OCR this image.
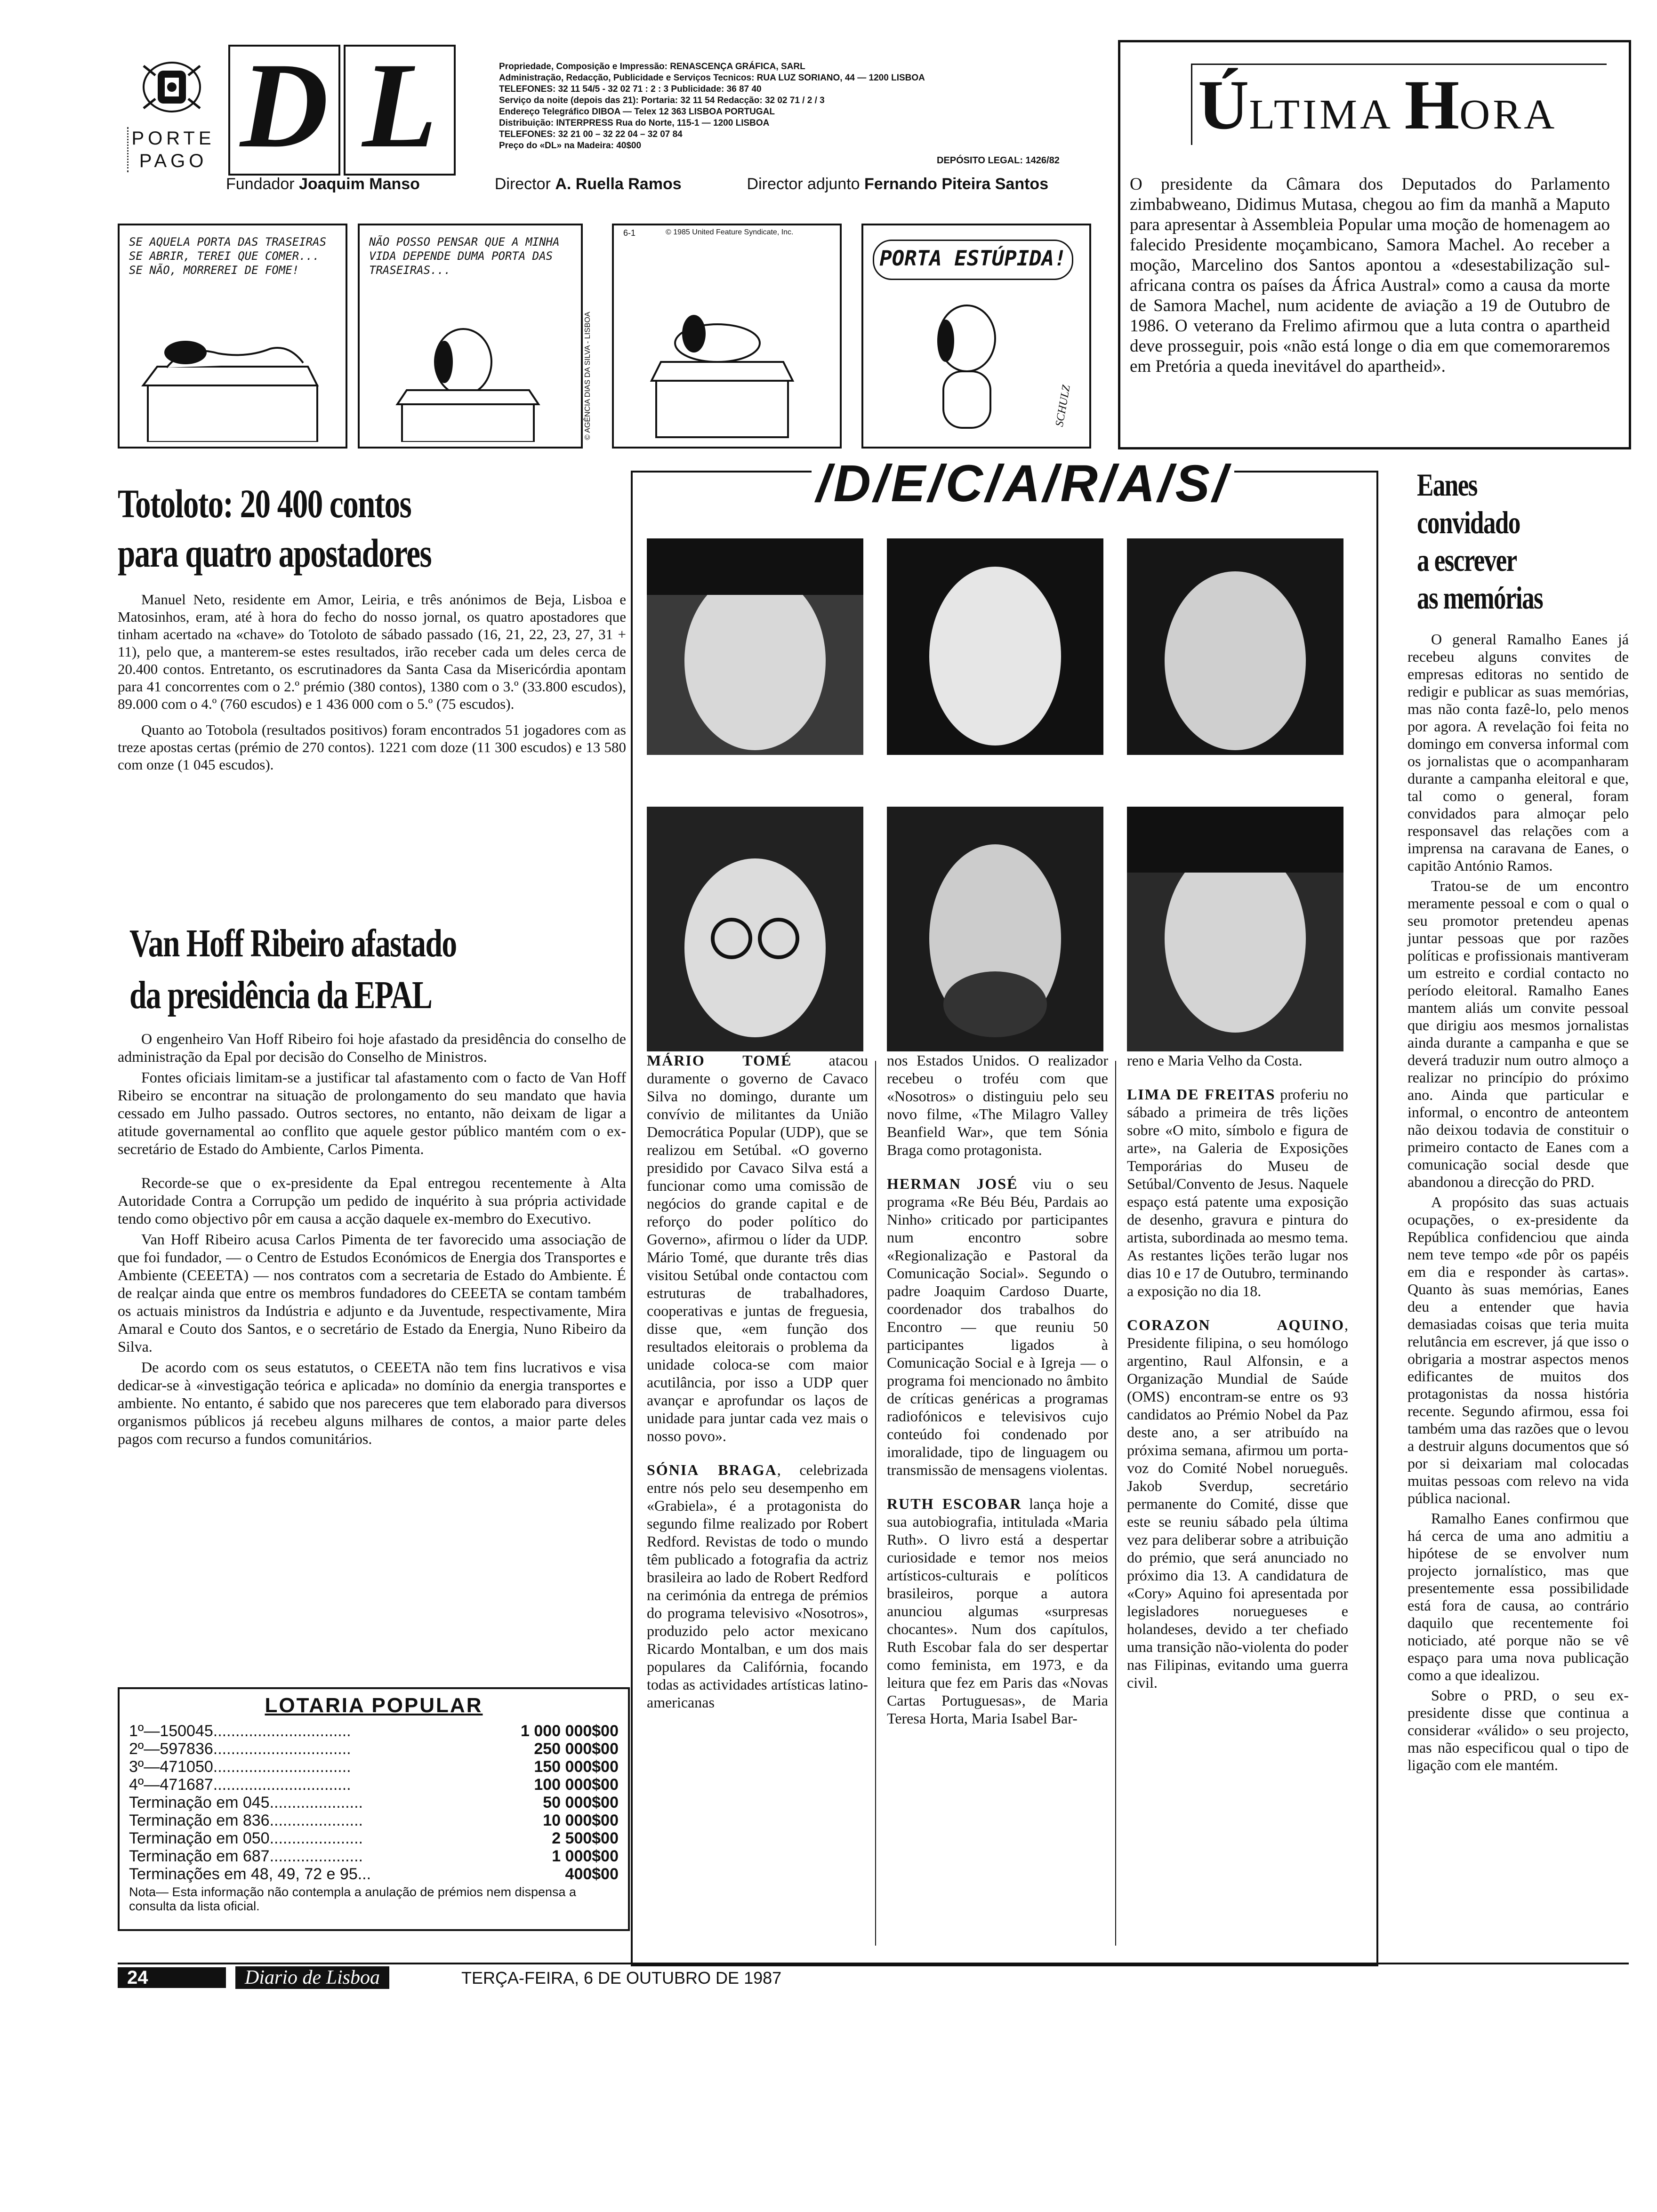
PORTE
PAGO D L	Propriedade, Composição e Impressão: RENASCENÇA GRÁFICA, SARL
Administração, Redacção, Publicidade e Serviços Tecnicos: RUA LUZ SORIANO, 44 — 1200 LISBOA
TELEFONES: 32 11 54/5 - 32 02 71 : 2 : 3 Publicidade: 36 87 40
Serviço da noite (depois das 21): Portaria: 32 11 54 Redacção: 32 02 71 / 2 / 3
Endereço Telegráfico DIBOA — Telex 12 363 LISBOA PORTUGAL
Distribuição: INTERPRESS Rua do Norte, 115-1 — 1200 LISBOA
TELEFONES: 32 21 00 – 32 22 04 – 32 07 84
Preço do «DL» na Madeira: 40$00
DEPÓSITO LEGAL: 1426/82
Fundador Joaquim Manso	Director A. Ruella Ramos	Director adjunto Fernando Piteira Santos
ÚLTIMA HORA
O presidente da Câmara dos Deputados do Parlamento zimbabweano, Didimus Mutasa, chegou ao fim da manhã a Maputo para apresentar à Assembleia Popular uma moção de homenagem ao falecido Presidente moçambicano, Samora Machel. Ao receber a moção, Marcelino dos Santos apontou a «desestabilização sul-africana contra os países da África Austral» como a causa da morte de Samora Machel, num acidente de aviação a 19 de Outubro de 1986. O veterano da Frelimo afirmou que a luta contra o apartheid deve prosseguir, pois «não está longe o dia em que comemoraremos em Pretória a queda inevitável do apartheid».
SE AQUELA PORTA DAS TRASEIRAS SE ABRIR, TEREI QUE COMER... SE NÃO, MORREREI DE FOME!
NÃO POSSO PENSAR QUE A MINHA VIDA DEPENDE DUMA PORTA DAS TRASEIRAS...
© AGÊNCIA DIAS DA SILVA - LISBOA
6-1	© 1985 United Feature Syndicate, Inc.
PORTA ESTÚPIDA!
SCHULZ
Totoloto: 20 400 contos
para quatro apostadores

Manuel Neto, residente em Amor, Leiria, e três anónimos de Beja, Lisboa e Matosinhos, eram, até à hora do fecho do nosso jornal, os quatro apostadores que tinham acertado na «chave» do Totoloto de sábado passado (16, 21, 22, 23, 27, 31 + 11), pelo que, a manterem-se estes resultados, irão receber cada um deles cerca de 20.400 contos. Entretanto, os escrutinadores da Santa Casa da Misericórdia apontam para 41 concorrentes com o 2.º prémio (380 contos), 1380 com o 3.º (33.800 escudos), 89.000 com o 4.º (760 escudos) e 1 436 000 com o 5.º (75 escudos).

Quanto ao Totobola (resultados positivos) foram encontrados 51 jogadores com as treze apostas certas (prémio de 270 contos). 1221 com doze (11 300 escudos) e 13 580 com onze (1 045 escudos).

Van Hoff Ribeiro afastado
da presidência da EPAL

O engenheiro Van Hoff Ribeiro foi hoje afastado da presidência do conselho de administração da Epal por decisão do Conselho de Ministros.

Fontes oficiais limitam-se a justificar tal afastamento com o facto de Van Hoff Ribeiro se encontrar na situação de prolongamento do seu mandato que havia cessado em Julho passado. Outros sectores, no entanto, não deixam de ligar a atitude governamental ao conflito que aquele gestor público mantém com o ex-secretário de Estado do Ambiente, Carlos Pimenta.

Recorde-se que o ex-presidente da Epal entregou recentemente à Alta Autoridade Contra a Corrupção um pedido de inquérito à sua própria actividade tendo como objectivo pôr em causa a acção daquele ex-membro do Executivo.

Van Hoff Ribeiro acusa Carlos Pimenta de ter favorecido uma associação de que foi fundador, — o Centro de Estudos Económicos de Energia dos Transportes e Ambiente (CEEETA) — nos contratos com a secretaria de Estado do Ambiente. É de realçar ainda que entre os membros fundadores do CEEETA se contam também os actuais ministros da Indústria e adjunto e da Juventude, respectivamente, Mira Amaral e Couto dos Santos, e o secretário de Estado da Energia, Nuno Ribeiro da Silva.

De acordo com os seus estatutos, o CEEETA não tem fins lucrativos e visa dedicar-se à «investigação teórica e aplicada» no domínio da energia transportes e ambiente. No entanto, é sabido que nos pareceres que tem elaborado para diversos organismos públicos já recebeu alguns milhares de contos, a maior parte deles pagos com recurso a fundos comunitários.

LOTARIA POPULAR
1º—150045...............................	1 000 000$00
2º—597836...............................	250 000$00
3º—471050...............................	150 000$00
4º—471687...............................	100 000$00
Terminação em 045.....................	50 000$00
Terminação em 836.....................	10 000$00
Terminação em 050.....................	2 500$00
Terminação em 687.....................	1 000$00
Terminações em 48, 49, 72 e 95...	400$00
Nota— Esta informação não contempla a anulação de prémios nem dispensa a consulta da lista oficial.
/D/E/C/A/R/A/S/

MÁRIO TOMÉ atacou duramente o governo de Cavaco Silva no domingo, durante um convívio de militantes da União Democrática Popular (UDP), que se realizou em Setúbal. «O governo presidido por Cavaco Silva está a funcionar como uma comissão de negócios do grande capital e de reforço do poder político do Governo», afirmou o líder da UDP. Mário Tomé, que durante três dias visitou Setúbal onde contactou com estruturas de trabalhadores, cooperativas e juntas de freguesia, disse que, «em função dos resultados eleitorais o problema da unidade coloca-se com maior acutilância, por isso a UDP quer avançar e aprofundar os laços de unidade para juntar cada vez mais o nosso povo».

SÓNIA BRAGA, celebrizada entre nós pelo seu desempenho em «Grabiela», é a protagonista do segundo filme realizado por Robert Redford. Revistas de todo o mundo têm publicado a fotografia da actriz brasileira ao lado de Robert Redford na cerimónia da entrega de prémios do programa televisivo «Nosotros», produzido pelo actor mexicano Ricardo Montalban, e um dos mais populares da Califórnia, focando todas as actividades artísticas latino-americanas

nos Estados Unidos. O realizador recebeu o troféu com que «Nosotros» o distinguiu pelo seu novo filme, «The Milagro Valley Beanfield War», que tem Sónia Braga como protagonista.

HERMAN JOSÉ viu o seu programa «Re Béu Béu, Pardais ao Ninho» criticado por participantes num encontro sobre «Regionalização e Pastoral da Comunicação Social». Segundo o padre Joaquim Cardoso Duarte, coordenador dos trabalhos do Encontro — que reuniu 50 participantes ligados à Comunicação Social e à Igreja — o programa foi mencionado no âmbito de críticas genéricas a programas radiofónicos e televisivos cujo conteúdo foi condenado por imoralidade, tipo de linguagem ou transmissão de mensagens violentas.

RUTH ESCOBAR lança hoje a sua autobiografia, intitulada «Maria Ruth». O livro está a despertar curiosidade e temor nos meios artísticos-culturais e políticos brasileiros, porque a autora anunciou algumas «surpresas chocantes». Num dos capítulos, Ruth Escobar fala do ser despertar como feminista, em 1973, e da leitura que fez em Paris das «Novas Cartas Portuguesas», de Maria Teresa Horta, Maria Isabel Bar-

reno e Maria Velho da Costa.

LIMA DE FREITAS proferiu no sábado a primeira de três lições sobre «O mito, símbolo e figura de arte», na Galeria de Exposições Temporárias do Museu de Setúbal/Convento de Jesus. Naquele espaço está patente uma exposição de desenho, gravura e pintura do artista, subordinada ao mesmo tema. As restantes lições terão lugar nos dias 10 e 17 de Outubro, terminando a exposição no dia 18.

CORAZON AQUINO, Presidente filipina, o seu homólogo argentino, Raul Alfonsin, e a Organização Mundial de Saúde (OMS) encontram-se entre os 93 candidatos ao Prémio Nobel da Paz deste ano, a ser atribuído na próxima semana, afirmou um porta-voz do Comité Nobel norueguês. Jakob Sverdup, secretário permanente do Comité, disse que este se reuniu sábado pela última vez para deliberar sobre a atribuição do prémio, que será anunciado no próximo dia 13. A candidatura de «Cory» Aquino foi apresentada por legisladores noruegueses e holandeses, devido a ter chefiado uma transição não-violenta do poder nas Filipinas, evitando uma guerra civil.

Eanes
convidado
a escrever
as memórias

O general Ramalho Eanes já recebeu alguns convites de empresas editoras no sentido de redigir e publicar as suas memórias, mas não conta fazê-lo, pelo menos por agora. A revelação foi feita no domingo em conversa informal com os jornalistas que o acompanharam durante a campanha eleitoral e que, tal como o general, foram convidados para almoçar pelo responsavel das relações com a imprensa na caravana de Eanes, o capitão António Ramos.

Tratou-se de um encontro meramente pessoal e com o qual o seu promotor pretendeu apenas juntar pessoas que por razões políticas e profissionais mantiveram um estreito e cordial contacto no período eleitoral. Ramalho Eanes mantem aliás um convite pessoal que dirigiu aos mesmos jornalistas ainda durante a campanha e que se deverá traduzir num outro almoço a realizar no princípio do próximo ano. Ainda que particular e informal, o encontro de anteontem não deixou todavia de constituir o primeiro contacto de Eanes com a comunicação social desde que abandonou a direcção do PRD.

A propósito das suas actuais ocupações, o ex-presidente da República confidenciou que ainda nem teve tempo «de pôr os papéis em dia e responder às cartas». Quanto às suas memórias, Eanes deu a entender que havia demasiadas coisas que teria muita relutância em escrever, já que isso o obrigaria a mostrar aspectos menos edificantes de muitos dos protagonistas da nossa história recente. Segundo afirmou, essa foi também uma das razões que o levou a destruir alguns documentos que só por si deixariam mal colocadas muitas pessoas com relevo na vida pública nacional.

Ramalho Eanes confirmou que há cerca de uma ano admitiu a hipótese de se envolver num projecto jornalístico, mas que presentemente essa possibilidade está fora de causa, ao contrário daquilo que recentemente foi noticiado, até porque não se vê espaço para uma nova publicação como a que idealizou.

Sobre o PRD, o seu ex-presidente disse que continua a considerar «válido» o seu projecto, mas não especificou qual o tipo de ligação com ele mantém.

24	Diario de Lisboa	TERÇA-FEIRA, 6 DE OUTUBRO DE 1987
